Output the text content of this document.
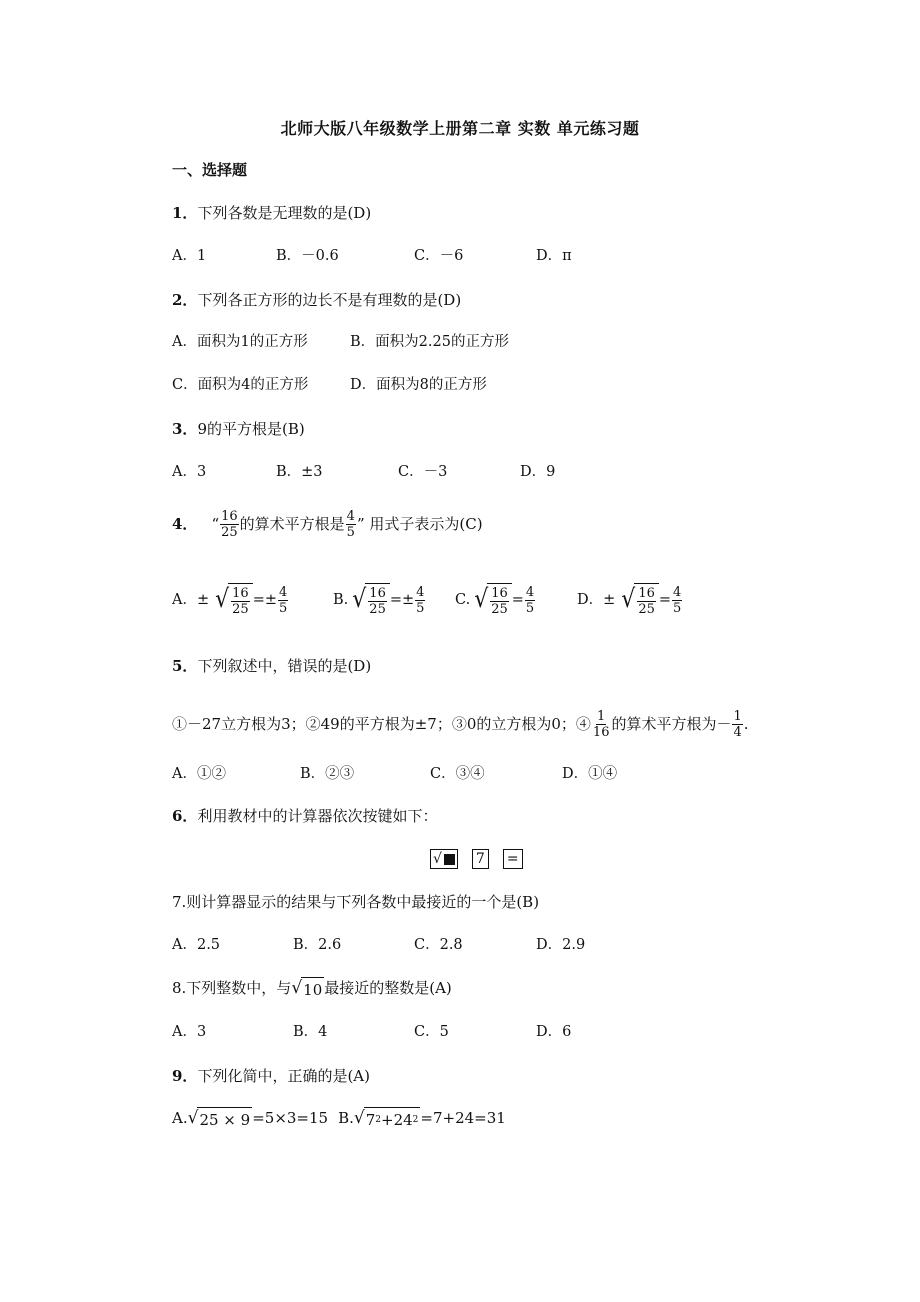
北师大版八年级数学上册第二章 实数 单元练习题
一、选择题
1．下列各数是无理数的是(D)
A．1	B．－0.6	C．－6	D．π
2．下列各正方形的边长不是有理数的是(D)
A．面积为1的正方形	B．面积为2.25的正方形
C．面积为4的正方形	D．面积为8的正方形
3．9的平方根是(B)
A．3	B．±3	C．－3	D．9
4． “ $\frac{16}{25}$ 的算术平方根是 $\frac{4}{5}$ ” 用式子表示为(C)
A．± √ $\frac{16}{25} =\pm \frac{4}{5}$	B. √ $\frac{16}{25} =\pm \frac{4}{5} C$. √ $\frac{16}{25} = \frac{4}{5}$	D．± √ $\frac{16}{25} = \frac{4}{5}$
5．下列叙述中，错误的是(D)
①－27立方根为3；②49的平方根为±7；③0的立方根为0；④ $\frac{1}{16}$ 的算术平方根为－ $\frac{1}{4}$ .
A．①②	B．②③	C．③④	D．①④
6．利用教材中的计算器依次按键如下：
√	7 =
7.则计算器显示的结果与下列各数中最接近的一个是(B)
A．2.5	B．2.6	C．2.8	D．2.9
8.下列整数中，与 √ 10 最接近的整数是(A)
A．3	B．4	C．5	D．6
9．下列化简中，正确的是(A)
A. √ 25 × 9 =5×3=15 B. √ 7 2 +24 2 =7+24=31
